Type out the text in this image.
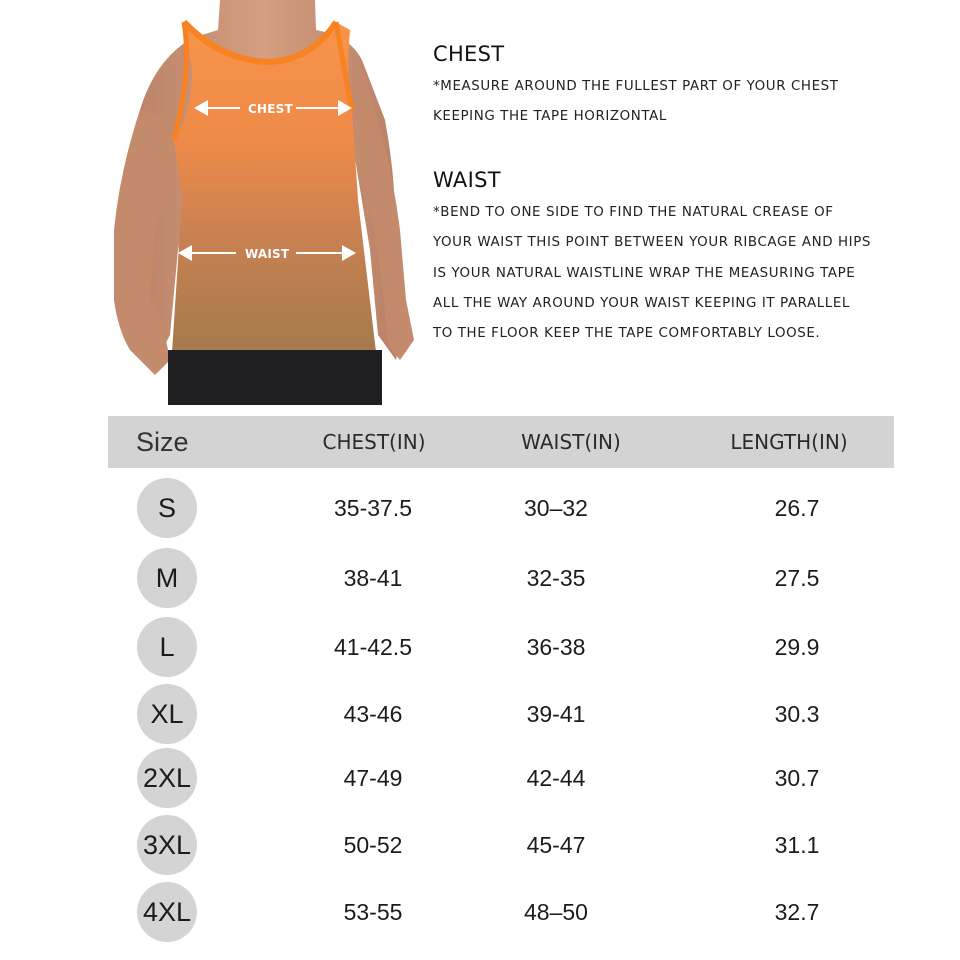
CHEST
WAIST
CHEST
*MEASURE AROUND THE FULLEST PART OF YOUR CHEST
KEEPING THE TAPE HORIZONTAL
WAIST
*BEND TO ONE SIDE TO FIND THE NATURAL CREASE OF
YOUR WAIST THIS POINT BETWEEN YOUR RIBCAGE AND HIPS
IS YOUR NATURAL WAISTLINE WRAP THE MEASURING TAPE
ALL THE WAY AROUND YOUR WAIST KEEPING IT PARALLEL
TO THE FLOOR KEEP THE TAPE COMFORTABLY LOOSE.
Size	CHEST(IN)	WAIST(IN)	LENGTH(IN)
S	35-37.5	30–32	26.7
M	38-41	32-35	27.5
L	41-42.5	36-38	29.9
XL	43-46	39-41	30.3
2XL	47-49	42-44	30.7
3XL	50-52	45-47	31.1
4XL	53-55	48–50	32.7
